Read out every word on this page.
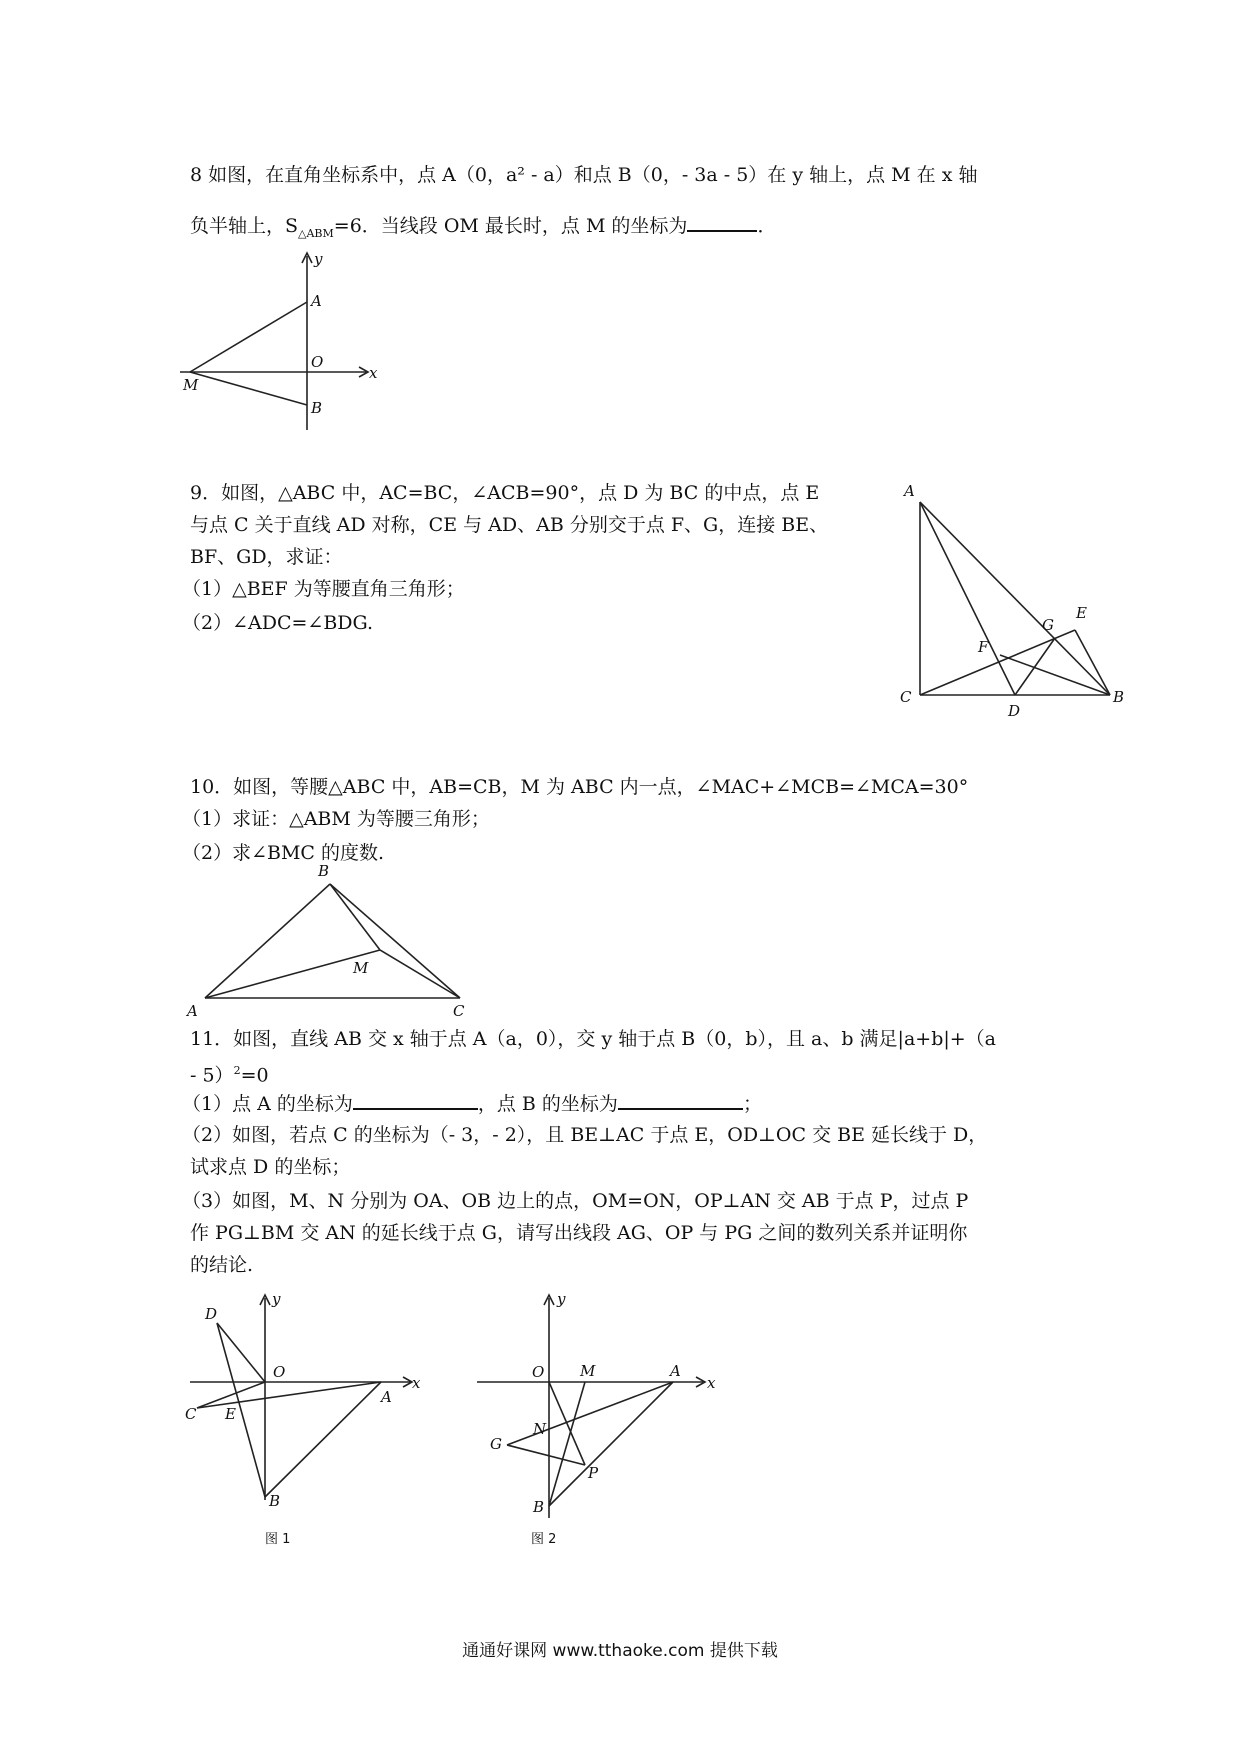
8 如图，在直角坐标系中，点 A（0，a² - a）和点 B（0，- 3a - 5）在 y 轴上，点 M 在 x 轴
负半轴上，$S_{\triangle ABM}=6$．当线段 OM 最长时，点 M 的坐标为	．
y
A
O
x
M
B
9．如图，△ABC 中，AC=BC，∠ACB=90°，点 D 为 BC 的中点，点 E
与点 C 关于直线 AD 对称，CE 与 AD、AB 分别交于点 F、G，连接 BE、
BF、GD，求证：
（1）△BEF 为等腰直角三角形；
（2）∠ADC=∠BDG.
A
E
G
F
C
D
B
10．如图，等腰△ABC 中，AB=CB，M 为 ABC 内一点，∠MAC+∠MCB=∠MCA=30°
（1）求证：△ABM 为等腰三角形；
（2）求∠BMC 的度数.
B
M
A	C
11．如图，直线 AB 交 x 轴于点 A（a，0），交 y 轴于点 B（0，b），且 a、b 满足|a+b|+（a
- 5）$^2$=0
（1）点 A 的坐标为	，点 B 的坐标为	；
（2）如图，若点 C 的坐标为（- 3，- 2），且 BE⊥AC 于点 E，OD⊥OC 交 BE 延长线于 D，
试求点 D 的坐标；
（3）如图，M、N 分别为 OA、OB 边上的点，OM=ON，OP⊥AN 交 AB 于点 P，过点 P
作 PG⊥BM 交 AN 的延长线于点 G，请写出线段 AG、OP 与 PG 之间的数列关系并证明你
的结论.
D
y
O
x
A
C E
B
图 1
y
O M	A
x
N
G
P
B
图 2
通通好课网 www.tthaoke.com 提供下载
